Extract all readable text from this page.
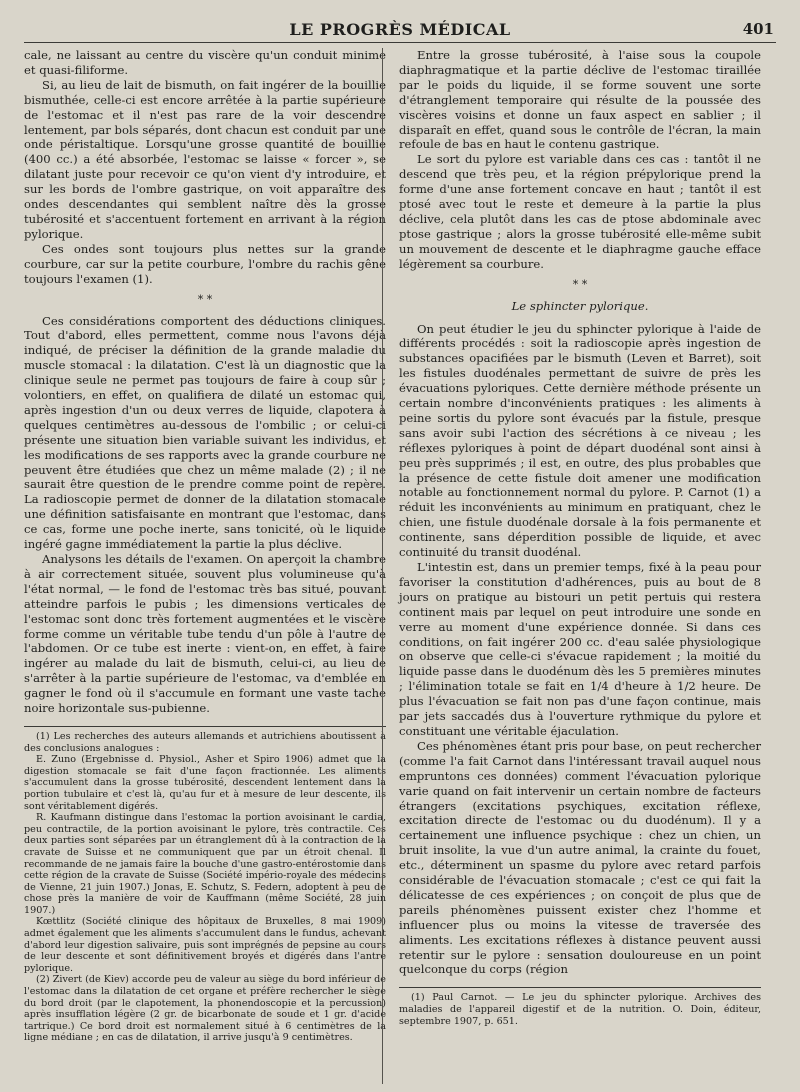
LE PROGRÈS MÉDICAL	401

cale, ne laissant au centre du viscère qu'un conduit minime et quasi-filiforme.

Si, au lieu de lait de bismuth, on fait ingérer de la bouillie bismuthée, celle-ci est encore arrêtée à la partie supérieure de l'estomac et il n'est pas rare de la voir descendre lentement, par bols séparés, dont chacun est conduit par une onde péristaltique. Lorsqu'une grosse quantité de bouillie (400 cc.) a été absorbée, l'estomac se laisse « forcer », se dilatant juste pour recevoir ce qu'on vient d'y introduire, et sur les bords de l'ombre gastrique, on voit apparaître des ondes descendantes qui semblent naître dès la grosse tubérosité et s'accentuent fortement en arrivant à la région pylorique.

Ces ondes sont toujours plus nettes sur la grande courbure, car sur la petite courbure, l'ombre du rachis gêne toujours l'examen (1).

* *

Ces considérations comportent des déductions cliniques. Tout d'abord, elles permettent, comme nous l'avons déjà indiqué, de préciser la définition de la grande maladie du muscle stomacal : la dilatation. C'est là un diagnostic que la clinique seule ne permet pas toujours de faire à coup sûr ; volontiers, en effet, on qualifiera de dilaté un estomac qui, après ingestion d'un ou deux verres de liquide, clapotera à quelques centimètres au-dessous de l'ombilic ; or celui-ci présente une situation bien variable suivant les individus, et les modifications de ses rapports avec la grande courbure ne peuvent être étudiées que chez un même malade (2) ; il ne saurait être question de le prendre comme point de repère. La radioscopie permet de donner de la dilatation stomacale une définition satisfaisante en montrant que l'estomac, dans ce cas, forme une poche inerte, sans tonicité, où le liquide ingéré gagne immédiatement la partie la plus déclive.

Analysons les détails de l'examen. On aperçoit la chambre à air correctement située, souvent plus volumineuse qu'à l'état normal, — le fond de l'estomac très bas situé, pouvant atteindre parfois le pubis ; les dimensions verticales de l'estomac sont donc très fortement augmentées et le viscère forme comme un véritable tube tendu d'un pôle à l'autre de l'abdomen. Or ce tube est inerte : vient-on, en effet, à faire ingérer au malade du lait de bismuth, celui-ci, au lieu de s'arrêter à la partie supérieure de l'estomac, va d'emblée en gagner le fond où il s'accumule en formant une vaste tache noire horizontale sus-pubienne.

(1) Les recherches des auteurs allemands et autrichiens aboutissent à des conclusions analogues :

E. Zuno (Ergebnisse d. Physiol., Asher et Spiro 1906) admet que la digestion stomacale se fait d'une façon fractionnée. Les aliments s'accumulent dans la grosse tubérosité, descendent lentement dans la portion tubulaire et c'est là, qu'au fur et à mesure de leur descente, ils sont véritablement digérés.

R. Kaufmann distingue dans l'estomac la portion avoisinant le cardia, peu contractile, de la portion avoisinant le pylore, très contractile. Ces deux parties sont séparées par un étranglement dû à la contraction de la cravate de Suisse et ne communiquent que par un étroit chenal. Il recommande de ne jamais faire la bouche d'une gastro-entérostomie dans cette région de la cravate de Suisse (Société império-royale des médecins de Vienne, 21 juin 1907.) Jonas, E. Schutz, S. Federn, adoptent à peu de chose près la manière de voir de Kauffmann (même Société, 28 juin 1907.)

Kœttlitz (Société clinique des hôpitaux de Bruxelles, 8 mai 1909) admet également que les aliments s'accumulent dans le fundus, achevant d'abord leur digestion salivaire, puis sont imprégnés de pepsine au cours de leur descente et sont définitivement broyés et digérés dans l'antre pylorique.

(2) Zivert (de Kiev) accorde peu de valeur au siège du bord inférieur de l'estomac dans la dilatation de cet organe et préfère rechercher le siège du bord droit (par le clapotement, la phonendoscopie et la percussion) après insufflation légère (2 gr. de bicarbonate de soude et 1 gr. d'acide tartrique.) Ce bord droit est normalement situé à 6 centimètres de la ligne médiane ; en cas de dilatation, il arrive jusqu'à 9 centimètres.

Entre la grosse tubérosité, à l'aise sous la coupole diaphragmatique et la partie déclive de l'estomac tiraillée par le poids du liquide, il se forme souvent une sorte d'étranglement temporaire qui résulte de la poussée des viscères voisins et donne un faux aspect en sablier ; il disparaît en effet, quand sous le contrôle de l'écran, la main refoule de bas en haut le contenu gastrique.

Le sort du pylore est variable dans ces cas : tantôt il ne descend que très peu, et la région prépylorique prend la forme d'une anse fortement concave en haut ; tantôt il est ptosé avec tout le reste et demeure à la partie la plus déclive, cela plutôt dans les cas de ptose abdominale avec ptose gastrique ; alors la grosse tubérosité elle-même subit un mouvement de descente et le diaphragme gauche efface légèrement sa courbure.

* *
Le sphincter pylorique.

On peut étudier le jeu du sphincter pylorique à l'aide de différents procédés : soit la radioscopie après ingestion de substances opacifiées par le bismuth (Leven et Barret), soit les fistules duodénales permettant de suivre de près les évacuations pyloriques. Cette dernière méthode présente un certain nombre d'inconvénients pratiques : les aliments à peine sortis du pylore sont évacués par la fistule, presque sans avoir subi l'action des sécrétions à ce niveau ; les réflexes pyloriques à point de départ duodénal sont ainsi à peu près supprimés ; il est, en outre, des plus probables que la présence de cette fistule doit amener une modification notable au fonctionnement normal du pylore. P. Carnot (1) a réduit les inconvénients au minimum en pratiquant, chez le chien, une fistule duodénale dorsale à la fois permanente et continente, sans déperdition possible de liquide, et avec continuité du transit duodénal.

L'intestin est, dans un premier temps, fixé à la peau pour favoriser la constitution d'adhérences, puis au bout de 8 jours on pratique au bistouri un petit pertuis qui restera continent mais par lequel on peut introduire une sonde en verre au moment d'une expérience donnée. Si dans ces conditions, on fait ingérer 200 cc. d'eau salée physiologique on observe que celle-ci s'évacue rapidement ; la moitié du liquide passe dans le duodénum dès les 5 premières minutes ; l'élimination totale se fait en 1/4 d'heure à 1/2 heure. De plus l'évacuation se fait non pas d'une façon continue, mais par jets saccadés dus à l'ouverture rythmique du pylore et constituant une véritable éjaculation.

Ces phénomènes étant pris pour base, on peut rechercher (comme l'a fait Carnot dans l'intéressant travail auquel nous empruntons ces données) comment l'évacuation pylorique varie quand on fait intervenir un certain nombre de facteurs étrangers (excitations psychiques, excitation réflexe, excitation directe de l'estomac ou du duodénum). Il y a certainement une influence psychique : chez un chien, un bruit insolite, la vue d'un autre animal, la crainte du fouet, etc., déterminent un spasme du pylore avec retard parfois considérable de l'évacuation stomacale ; c'est ce qui fait la délicatesse de ces expériences ; on conçoit de plus que de pareils phénomènes puissent exister chez l'homme et influencer plus ou moins la vitesse de traversée des aliments. Les excitations réflexes à distance peuvent aussi retentir sur le pylore : sensation douloureuse en un point quelconque du corps (région

(1) Paul Carnot. — Le jeu du sphincter pylorique. Archives des maladies de l'appareil digestif et de la nutrition. O. Doin, éditeur, septembre 1907, p. 651.
